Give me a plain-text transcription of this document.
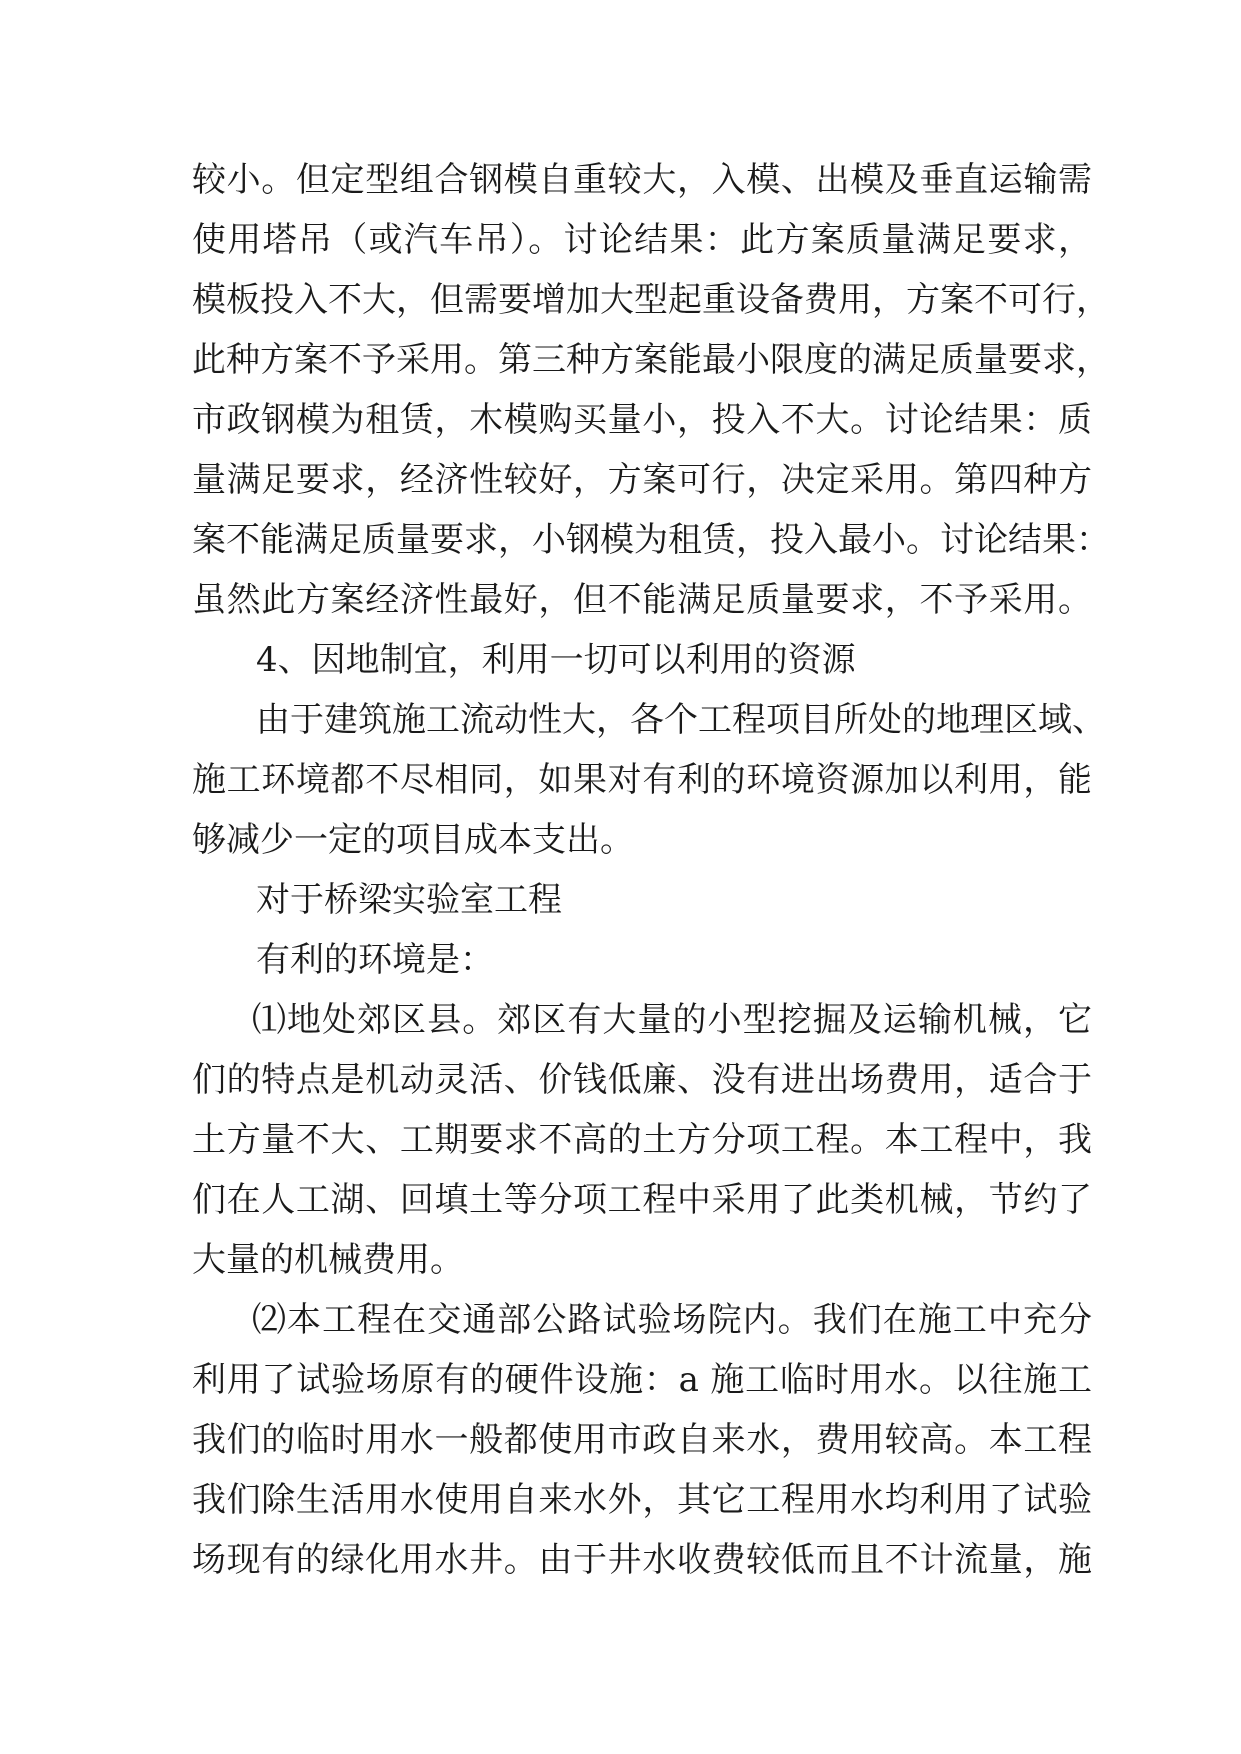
较小。但定型组合钢模自重较大，入模、出模及垂直运输需
使用塔吊（或汽车吊）。讨论结果：此方案质量满足要求，
模板投入不大，但需要增加大型起重设备费用，方案不可行，
此种方案不予采用。第三种方案能最小限度的满足质量要求，
市政钢模为租赁，木模购买量小，投入不大。讨论结果：质
量满足要求，经济性较好，方案可行，决定采用。第四种方
案不能满足质量要求，小钢模为租赁，投入最小。讨论结果：
虽然此方案经济性最好，但不能满足质量要求，不予采用。
4、因地制宜，利用一切可以利用的资源
由于建筑施工流动性大，各个工程项目所处的地理区域、
施工环境都不尽相同，如果对有利的环境资源加以利用，能
够减少一定的项目成本支出。
对于桥梁实验室工程
有利的环境是：
⑴地处郊区县。郊区有大量的小型挖掘及运输机械，它
们的特点是机动灵活、价钱低廉、没有进出场费用，适合于
土方量不大、工期要求不高的土方分项工程。本工程中，我
们在人工湖、回填土等分项工程中采用了此类机械，节约了
大量的机械费用。
⑵本工程在交通部公路试验场院内。我们在施工中充分
利用了试验场原有的硬件设施：a 施工临时用水。以往施工
我们的临时用水一般都使用市政自来水，费用较高。本工程
我们除生活用水使用自来水外，其它工程用水均利用了试验
场现有的绿化用水井。由于井水收费较低而且不计流量，施
